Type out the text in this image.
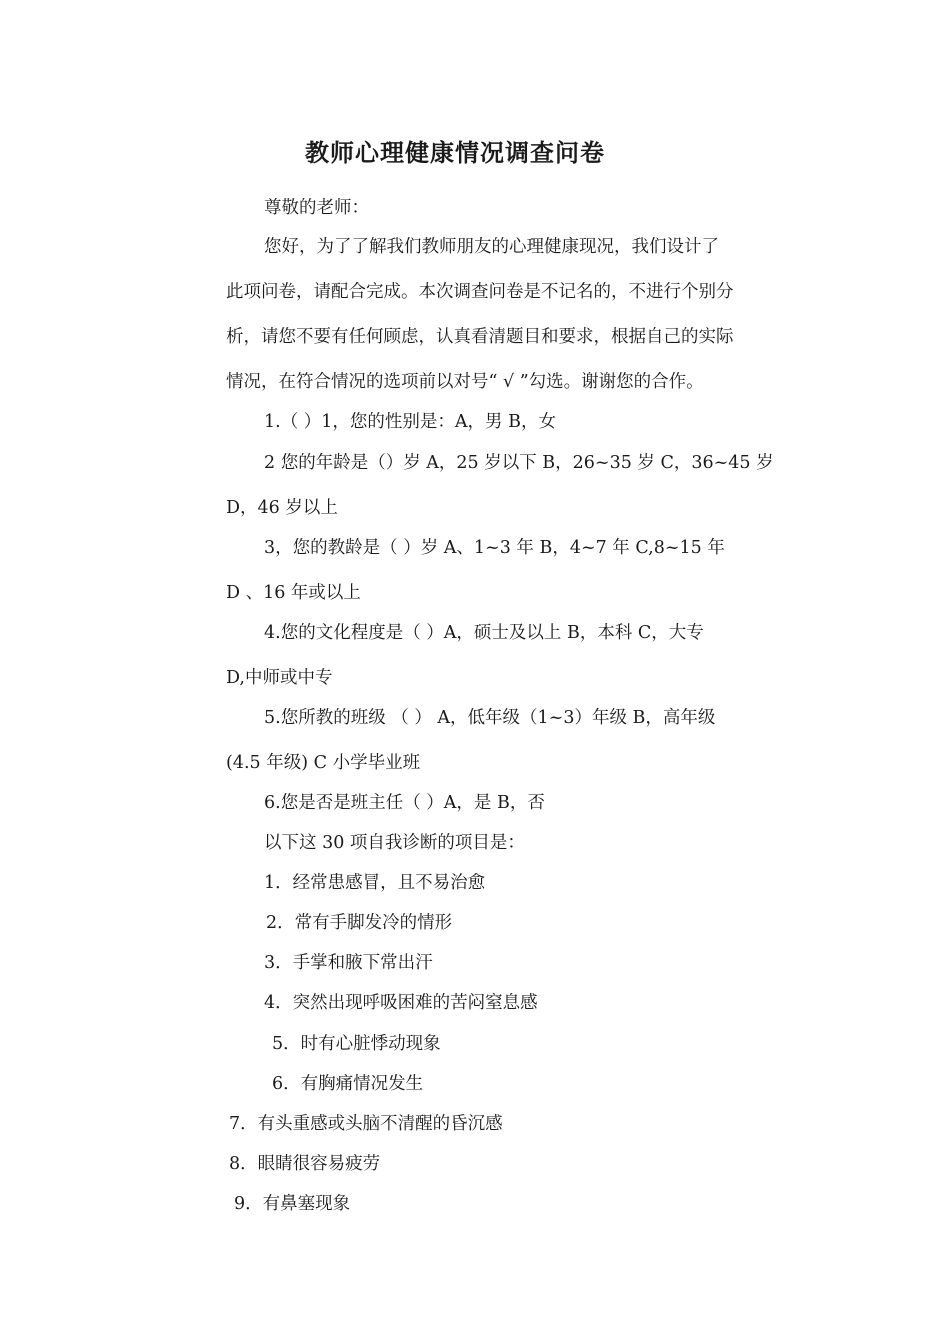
教师心理健康情况调查问卷
尊敬的老师：
您好，为了了解我们教师朋友的心理健康现况，我们设计了
此项问卷，请配合完成。本次调查问卷是不记名的，不进行个别分
析，请您不要有任何顾虑，认真看清题目和要求，根据自己的实际
情况，在符合情况的选项前以对号“ √ ”勾选。谢谢您的合作。
1.（ ）1，您的性别是：A，男 B，女
2 您的年龄是（）岁 A，25 岁以下 B，26~35 岁 C，36~45 岁
D，46 岁以上
3，您的教龄是（ ）岁 A、1~3 年 B，4~7 年 C,8~15 年
D 、16 年或以上
4.您的文化程度是（ ）A，硕士及以上 B，本科 C，大专
D,中师或中专
5.您所教的班级 （ ） A，低年级（1~3）年级 B，高年级
(4.5 年级) C 小学毕业班
6.您是否是班主任（ ）A，是 B，否
以下这 30 项自我诊断的项目是：
1．经常患感冒，且不易治愈
2．常有手脚发冷的情形
3．手掌和腋下常出汗
4．突然出现呼吸困难的苦闷窒息感
5．时有心脏悸动现象
6．有胸痛情况发生
7．有头重感或头脑不清醒的昏沉感
8．眼睛很容易疲劳
9．有鼻塞现象
